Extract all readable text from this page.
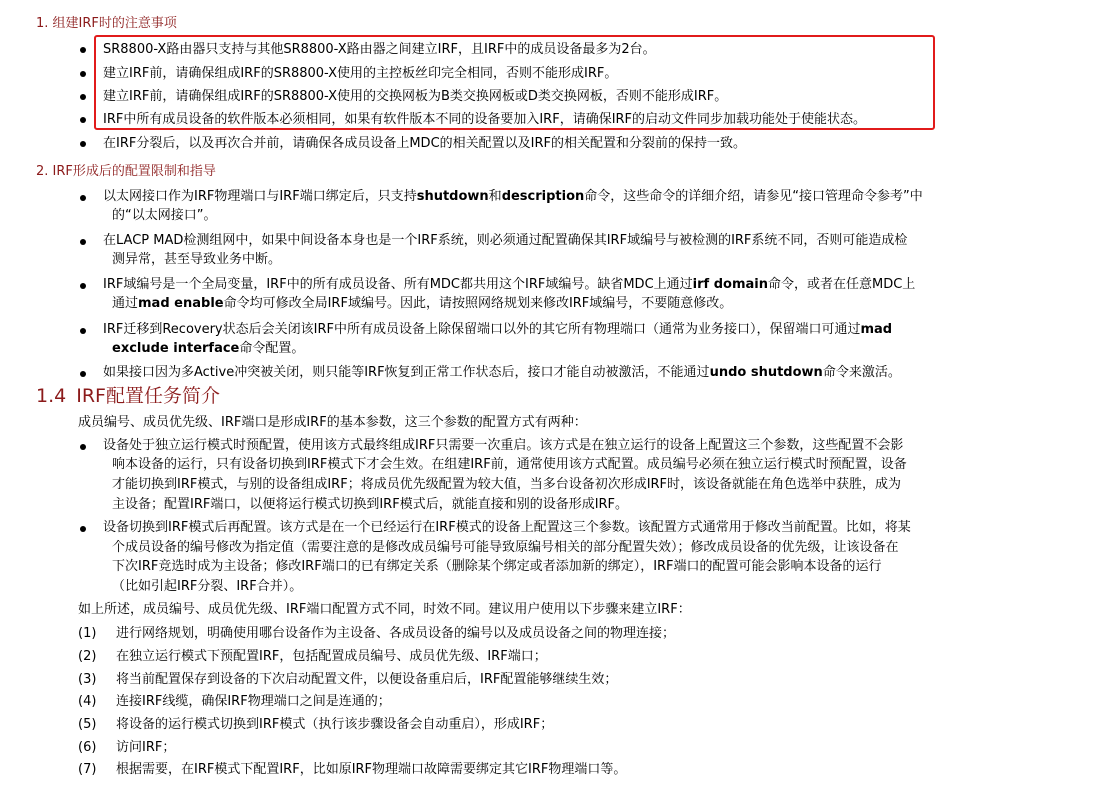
1. 组建IRF时的注意事项
SR8800-X路由器只支持与其他SR8800-X路由器之间建立IRF，且IRF中的成员设备最多为2台。
建立IRF前，请确保组成IRF的SR8800-X使用的主控板丝印完全相同，否则不能形成IRF。
建立IRF前，请确保组成IRF的SR8800-X使用的交换网板为B类交换网板或D类交换网板，否则不能形成IRF。
IRF中所有成员设备的软件版本必须相同，如果有软件版本不同的设备要加入IRF，请确保IRF的启动文件同步加载功能处于使能状态。
在IRF分裂后，以及再次合并前，请确保各成员设备上MDC的相关配置以及IRF的相关配置和分裂前的保持一致。
2. IRF形成后的配置限制和指导
以太网接口作为IRF物理端口与IRF端口绑定后，只支持shutdown和description命令，这些命令的详细介绍，请参见“接口管理命令参考”中
的“以太网接口”。
在LACP MAD检测组网中，如果中间设备本身也是一个IRF系统，则必须通过配置确保其IRF域编号与被检测的IRF系统不同，否则可能造成检
测异常，甚至导致业务中断。
IRF域编号是一个全局变量，IRF中的所有成员设备、所有MDC都共用这个IRF域编号。缺省MDC上通过irf domain命令，或者在任意MDC上
通过mad enable命令均可修改全局IRF域编号。因此，请按照网络规划来修改IRF域编号，不要随意修改。
IRF迁移到Recovery状态后会关闭该IRF中所有成员设备上除保留端口以外的其它所有物理端口（通常为业务接口），保留端口可通过mad
exclude interface命令配置。
如果接口因为多Active冲突被关闭，则只能等IRF恢复到正常工作状态后，接口才能自动被激活，不能通过undo shutdown命令来激活。
1.4 IRF配置任务简介
成员编号、成员优先级、IRF端口是形成IRF的基本参数，这三个参数的配置方式有两种：
设备处于独立运行模式时预配置，使用该方式最终组成IRF只需要一次重启。该方式是在独立运行的设备上配置这三个参数，这些配置不会影
响本设备的运行，只有设备切换到IRF模式下才会生效。在组建IRF前，通常使用该方式配置。成员编号必须在独立运行模式时预配置，设备
才能切换到IRF模式，与别的设备组成IRF；将成员优先级配置为较大值，当多台设备初次形成IRF时，该设备就能在角色选举中获胜，成为
主设备；配置IRF端口，以便将运行模式切换到IRF模式后，就能直接和别的设备形成IRF。
设备切换到IRF模式后再配置。该方式是在一个已经运行在IRF模式的设备上配置这三个参数。该配置方式通常用于修改当前配置。比如，将某
个成员设备的编号修改为指定值（需要注意的是修改成员编号可能导致原编号相关的部分配置失效）；修改成员设备的优先级，让该设备在
下次IRF竞选时成为主设备；修改IRF端口的已有绑定关系（删除某个绑定或者添加新的绑定），IRF端口的配置可能会影响本设备的运行
（比如引起IRF分裂、IRF合并）。
如上所述，成员编号、成员优先级、IRF端口配置方式不同，时效不同。建议用户使用以下步骤来建立IRF：
(1) 进行网络规划，明确使用哪台设备作为主设备、各成员设备的编号以及成员设备之间的物理连接；
(2) 在独立运行模式下预配置IRF，包括配置成员编号、成员优先级、IRF端口；
(3) 将当前配置保存到设备的下次启动配置文件，以便设备重启后，IRF配置能够继续生效；
(4) 连接IRF线缆，确保IRF物理端口之间是连通的；
(5) 将设备的运行模式切换到IRF模式（执行该步骤设备会自动重启），形成IRF；
(6) 访问IRF；
(7) 根据需要，在IRF模式下配置IRF，比如原IRF物理端口故障需要绑定其它IRF物理端口等。
